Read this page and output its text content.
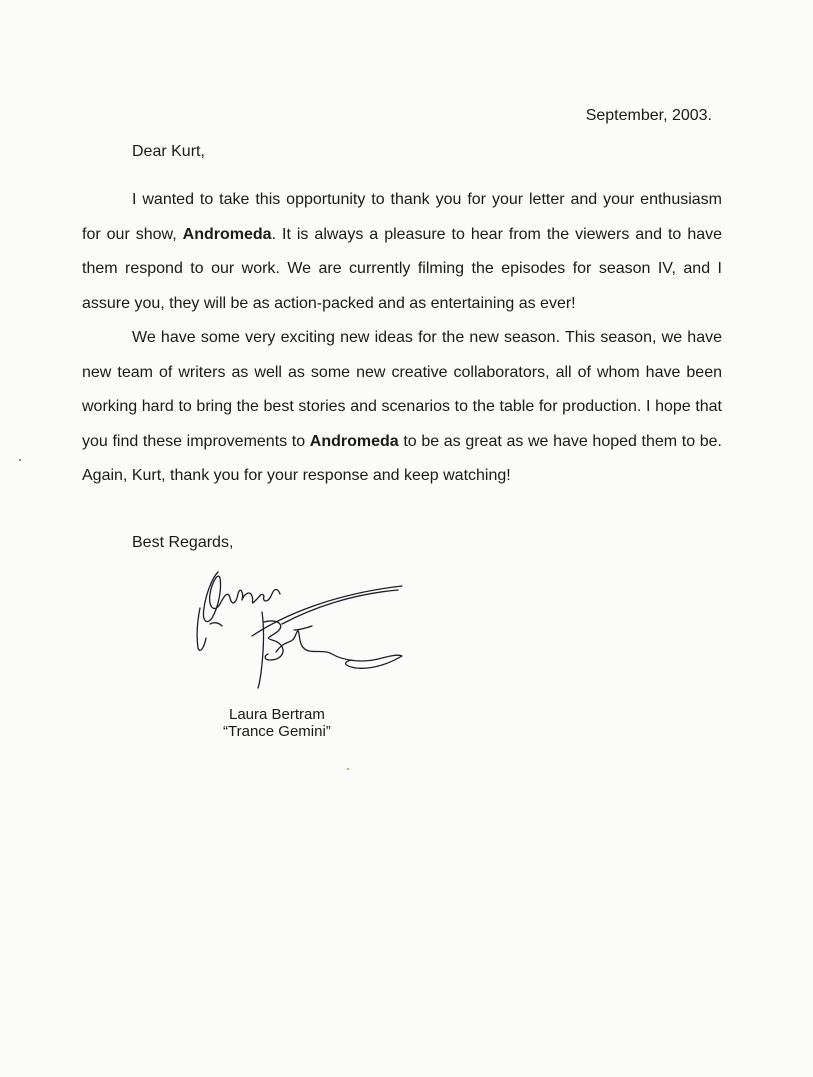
September, 2003.
Dear Kurt,
I wanted to take this opportunity to thank you for your letter and your enthusiasm for our show, Andromeda. It is always a pleasure to hear from the viewers and to have them respond to our work. We are currently filming the episodes for season IV, and I assure you, they will be as action-packed and as entertaining as ever!
We have some very exciting new ideas for the new season. This season, we have new team of writers as well as some new creative collaborators, all of whom have been working hard to bring the best stories and scenarios to the table for production. I hope that you find these improvements to Andromeda to be as great as we have hoped them to be. Again, Kurt, thank you for your response and keep watching!
Best Regards,
Laura Bertram
“Trance Gemini”
